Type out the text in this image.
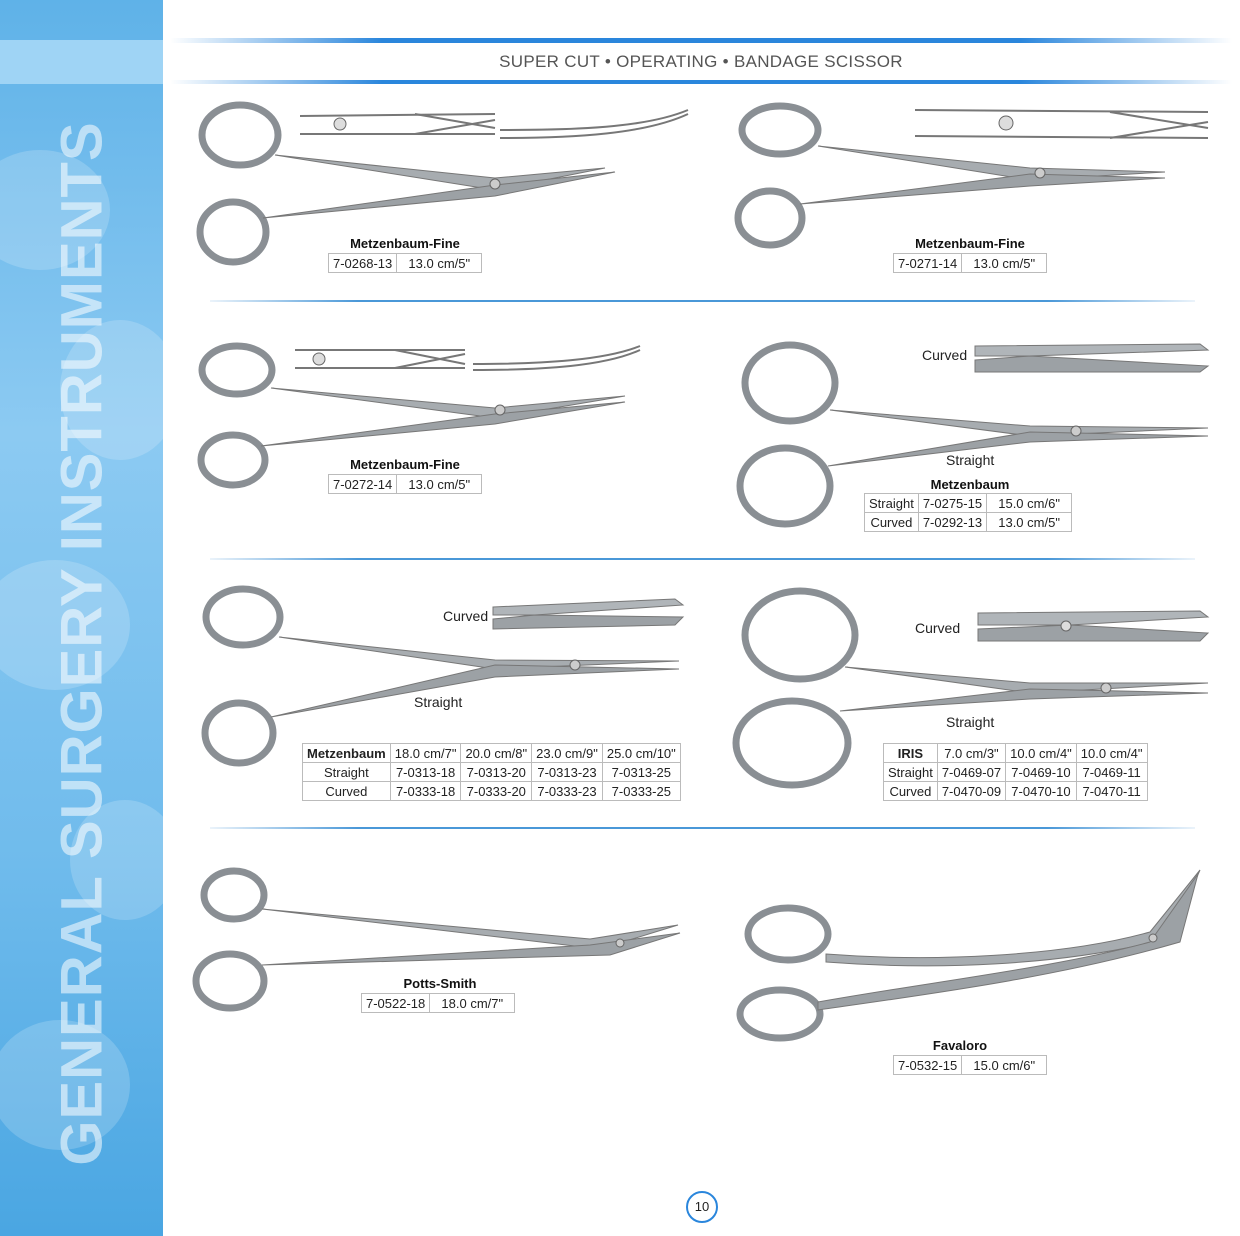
GENERAL SURGERY INSTRUMENTS
SUPER CUT • OPERATING • BANDAGE SCISSOR
Metzenbaum-Fine
7-0268-13	13.0 cm/5"
Metzenbaum-Fine
7-0271-14	13.0 cm/5"
Metzenbaum-Fine
7-0272-14	13.0 cm/5"
Curved
Straight
Metzenbaum
Straight	7-0275-15	15.0 cm/6"
Curved	7-0292-13	13.0 cm/5"
Curved
Straight
Metzenbaum	18.0 cm/7"	20.0 cm/8"	23.0 cm/9"	25.0 cm/10"
Straight	7-0313-18	7-0313-20	7-0313-23	7-0313-25
Curved	7-0333-18	7-0333-20	7-0333-23	7-0333-25
Curved
Straight
IRIS	7.0 cm/3"	10.0 cm/4"	10.0 cm/4"
Straight	7-0469-07	7-0469-10	7-0469-11
Curved	7-0470-09	7-0470-10	7-0470-11
Potts-Smith
7-0522-18	18.0 cm/7"
Favaloro
7-0532-15	15.0 cm/6"
10
